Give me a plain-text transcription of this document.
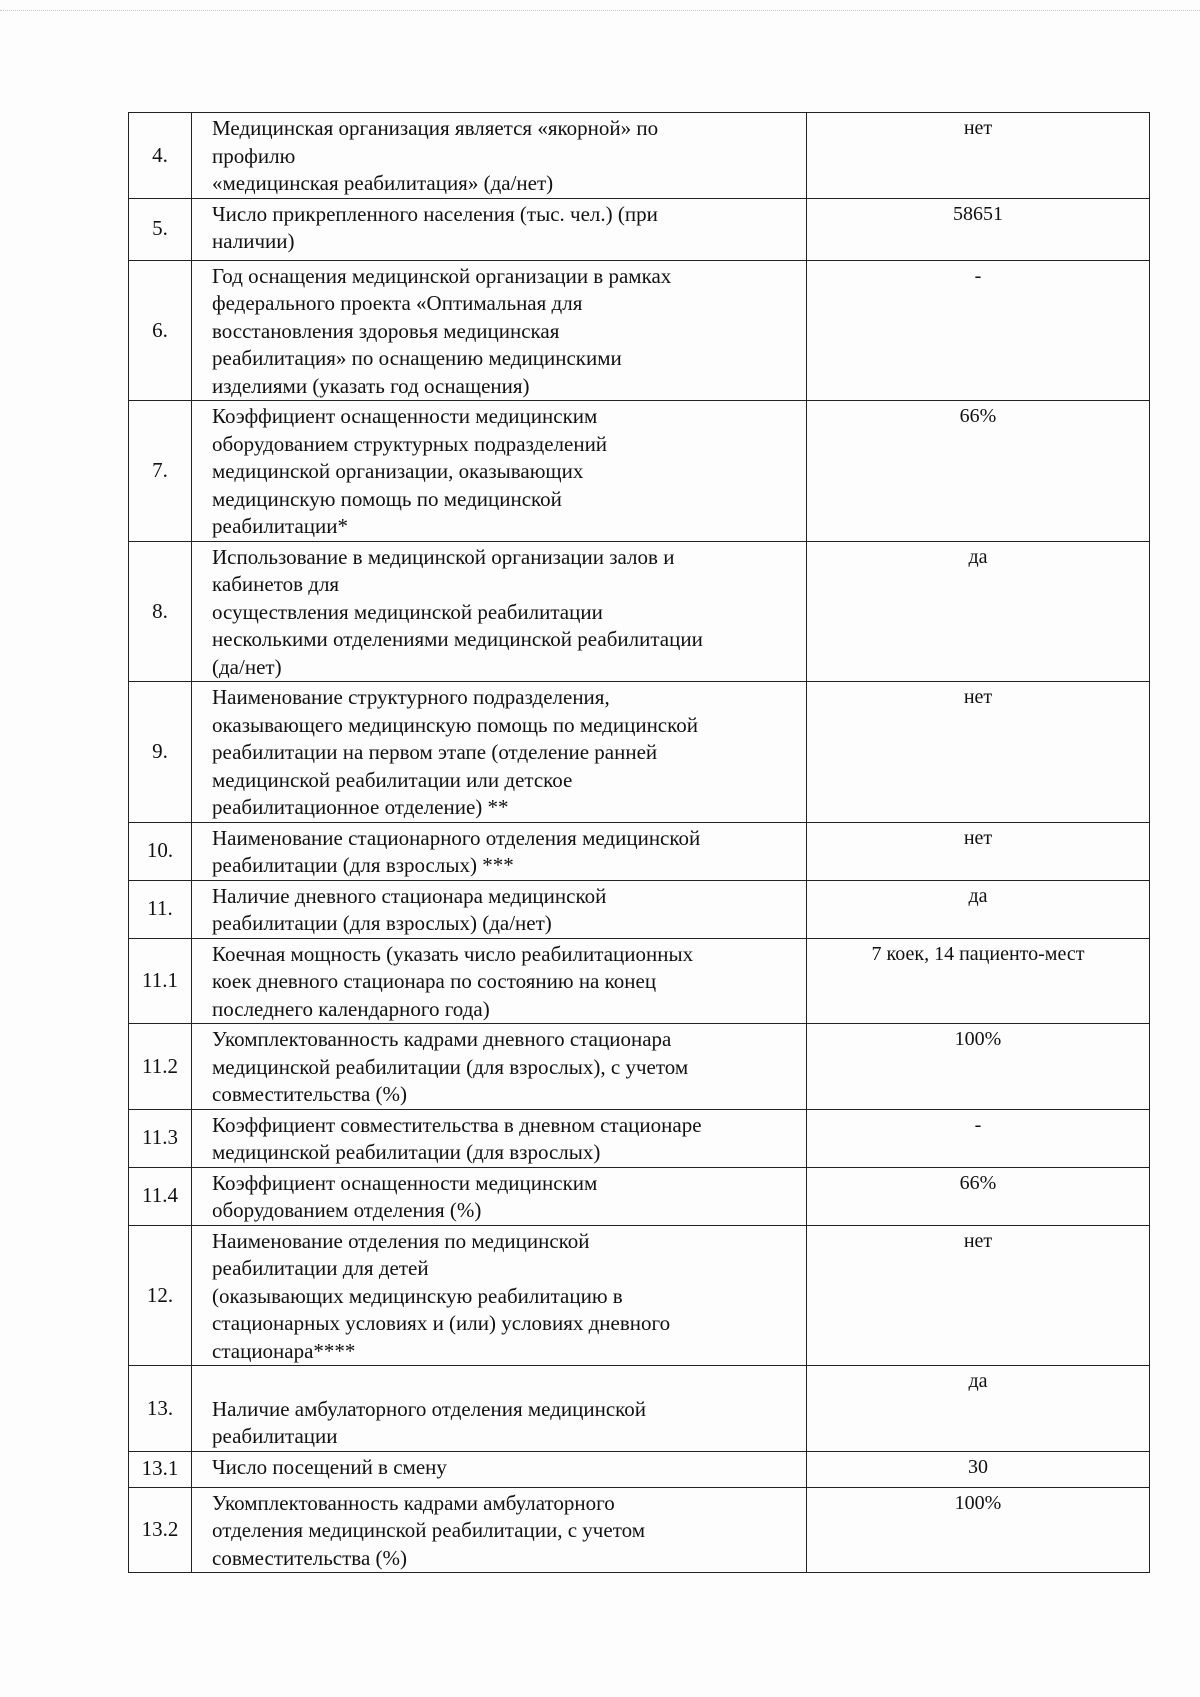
4.	Медицинская организация является «якорной» по
профилю
«медицинская реабилитация» (да/нет)	нет
5.	Число прикрепленного населения (тыс. чел.) (при
наличии)	58651
6.	Год оснащения медицинской организации в рамках
федерального проекта «Оптимальная для
восстановления здоровья медицинская
реабилитация» по оснащению медицинскими
изделиями (указать год оснащения)	-
7.	Коэффициент оснащенности медицинским
оборудованием структурных подразделений
медицинской организации, оказывающих
медицинскую помощь по медицинской
реабилитации*	66%
8.	Использование в медицинской организации залов и
кабинетов для
осуществления медицинской реабилитации
несколькими отделениями медицинской реабилитации
(да/нет)	да
9.	Наименование структурного подразделения,
оказывающего медицинскую помощь по медицинской
реабилитации на первом этапе (отделение ранней
медицинской реабилитации или детское
реабилитационное отделение) **	нет
10.	Наименование стационарного отделения медицинской
реабилитации (для взрослых) ***	нет
11.	Наличие дневного стационара медицинской
реабилитации (для взрослых) (да/нет)	да
11.1	Коечная мощность (указать число реабилитационных
коек дневного стационара по состоянию на конец
последнего календарного года)	7 коек, 14 пациенто-мест
11.2	Укомплектованность кадрами дневного стационара
медицинской реабилитации (для взрослых), с учетом
совместительства (%)	100%
11.3	Коэффициент совместительства в дневном стационаре
медицинской реабилитации (для взрослых)	-
11.4	Коэффициент оснащенности медицинским
оборудованием отделения (%)	66%
12.	Наименование отделения по медицинской
реабилитации для детей
(оказывающих медицинскую реабилитацию в
стационарных условиях и (или) условиях дневного
стационара****	нет
13.	Наличие амбулаторного отделения медицинской
реабилитации	да
13.1	Число посещений в смену	30
13.2	Укомплектованность кадрами амбулаторного
отделения медицинской реабилитации, с учетом
совместительства (%)	100%
